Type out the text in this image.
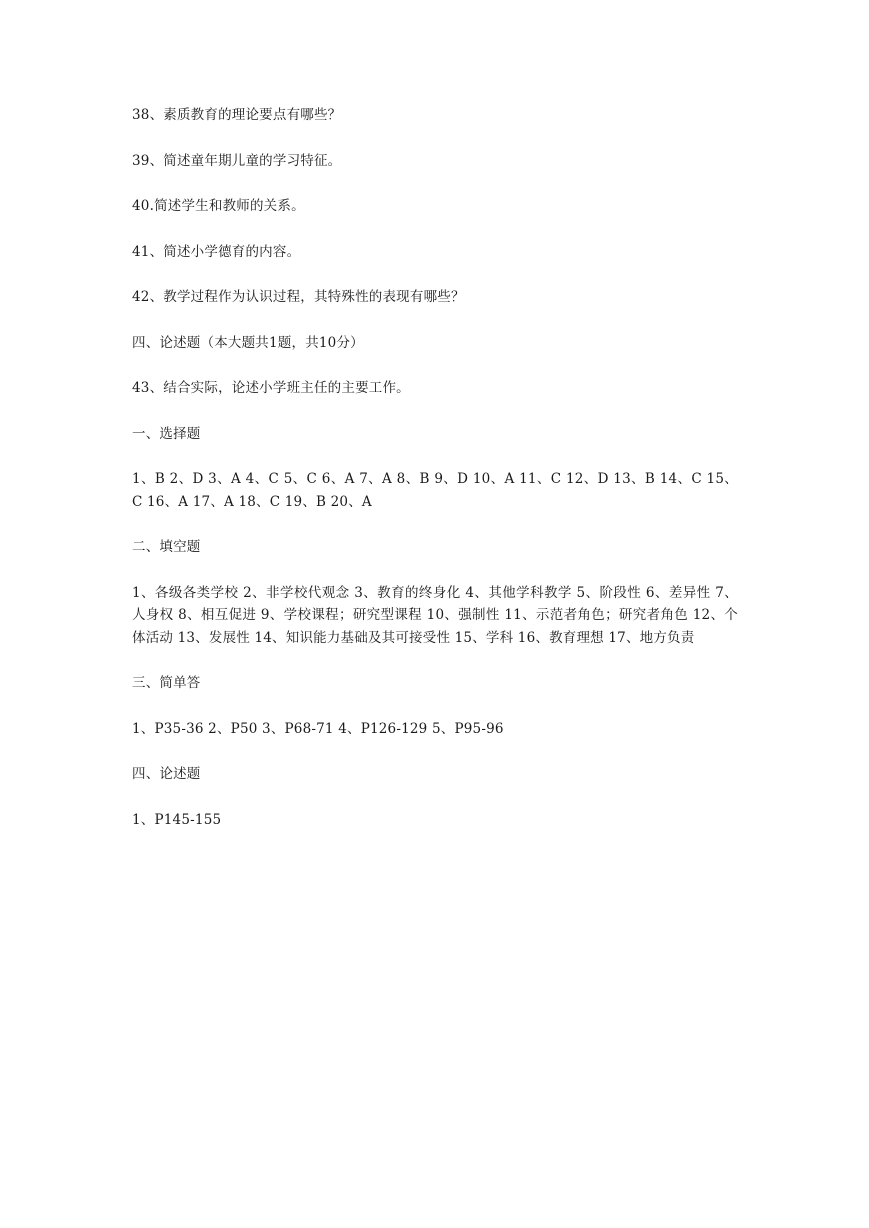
38、素质教育的理论要点有哪些？

39、简述童年期儿童的学习特征。

40.简述学生和教师的关系。

41、简述小学德育的内容。

42、教学过程作为认识过程，其特殊性的表现有哪些？

四、论述题（本大题共1题，共10分）

43、结合实际，论述小学班主任的主要工作。

一、选择题

1、B 2、D 3、A 4、C 5、C 6、A 7、A 8、B 9、D 10、A 11、C 12、D 13、B 14、C 15、C 16、A 17、A 18、C 19、B 20、A

二、填空题

1、各级各类学校 2、非学校代观念 3、教育的终身化 4、其他学科教学 5、阶段性 6、差异性 7、人身权 8、相互促进 9、学校课程；研究型课程 10、强制性 11、示范者角色；研究者角色 12、个体活动 13、发展性 14、知识能力基础及其可接受性 15、学科 16、教育理想 17、地方负责

三、简单答

1、P35-36 2、P50 3、P68-71 4、P126-129 5、P95-96

四、论述题

1、P145-155
